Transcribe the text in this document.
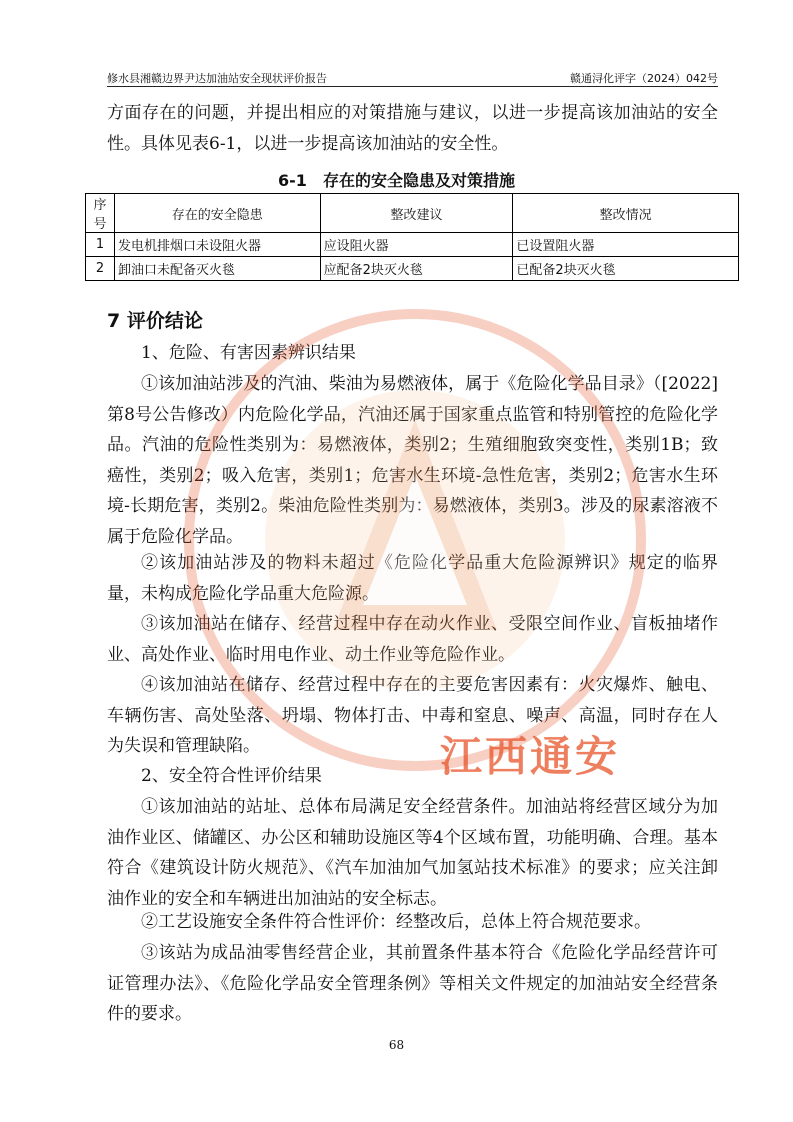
修水县湘赣边界尹达加油站安全现状评价报告	赣通浔化评字（2024）042号

方面存在的问题，并提出相应的对策措施与建议，以进一步提高该加油站的安全性。具体见表6-1，以进一步提高该加油站的安全性。

6-1　存在的安全隐患及对策措施
序号	存在的安全隐患	整改建议	整改情况
1	发电机排烟口未设阻火器	应设阻火器	已设置阻火器
2	卸油口未配备灭火毯	应配备2块灭火毯	已配备2块灭火毯
7 评价结论

1、危险、有害因素辨识结果

①该加油站涉及的汽油、柴油为易燃液体，属于《危险化学品目录》（[2022]第8号公告修改）内危险化学品，汽油还属于国家重点监管和特别管控的危险化学品。汽油的危险性类别为：易燃液体，类别2；生殖细胞致突变性，类别1B；致癌性，类别2；吸入危害，类别1；危害水生环境-急性危害，类别2；危害水生环境-长期危害，类别2。柴油危险性类别为：易燃液体，类别3。涉及的尿素溶液不属于危险化学品。

②该加油站涉及的物料未超过《危险化学品重大危险源辨识》规定的临界量，未构成危险化学品重大危险源。

③该加油站在储存、经营过程中存在动火作业、受限空间作业、盲板抽堵作业、高处作业、临时用电作业、动土作业等危险作业。

④该加油站在储存、经营过程中存在的主要危害因素有：火灾爆炸、触电、车辆伤害、高处坠落、坍塌、物体打击、中毒和窒息、噪声、高温，同时存在人为失误和管理缺陷。

2、安全符合性评价结果

①该加油站的站址、总体布局满足安全经营条件。加油站将经营区域分为加油作业区、储罐区、办公区和辅助设施区等4个区域布置，功能明确、合理。基本符合《建筑设计防火规范》、《汽车加油加气加氢站技术标准》的要求；应关注卸油作业的安全和车辆进出加油站的安全标志。

②工艺设施安全条件符合性评价：经整改后，总体上符合规范要求。

③该站为成品油零售经营企业，其前置条件基本符合《危险化学品经营许可证管理办法》、《危险化学品安全管理条例》等相关文件规定的加油站安全经营条件的要求。

江西通安
68
